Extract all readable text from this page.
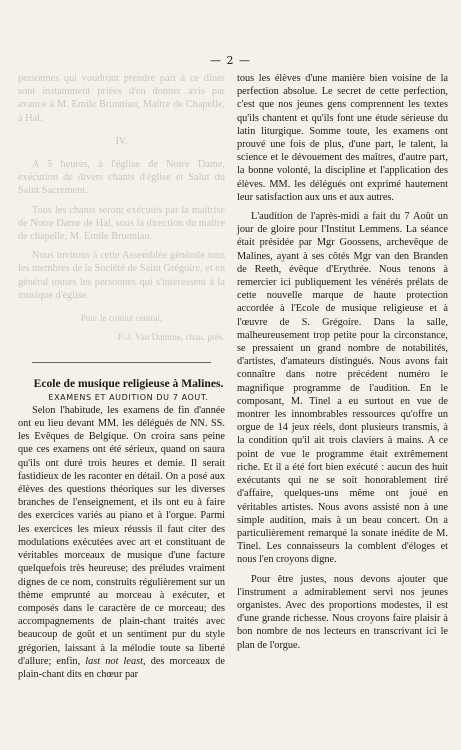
— 2 —

personnes qui voudront prendre part à ce dîner sont instamment priées d'en donner avis par avance à M. Emile Brunniau, Maître de Chapelle, à Hal.

IV.

A 5 heures, à l'église de Notre Dame, exécution de divers chants d'église et Salut du Saint Sacrement.

Tous les chants seront exécutés par la maîtrise de Notre Dame de Hal, sous la direction du maître de chapelle, M. Emile Brunniau.

Nous invitons à cette Assemblée générale tous les membres de la Société de Saint Grégoire, et en général toutes les personnes qui s'intéressent à la musique d'église.

Pour le comité central,

P.-J. Van Damme, chan. prés.

Ecole de musique religieuse à Malines.

EXAMENS ET AUDITION DU 7 AOUT.

Selon l'habitude, les examens de fin d'année ont eu lieu devant MM. les délégués de NN. SS. les Evêques de Belgique. On croira sans peine que ces examens ont été sérieux, quand on saura qu'ils ont duré trois heures et demie. Il serait fastidieux de les raconter en détail. On a posé aux élèves des questions théoriques sur les diverses branches de l'enseignement, et ils ont eu à faire des exercices variés au piano et à l'orgue. Parmi les exercices les mieux réussis il faut citer des modulations exécutées avec art et constituant de véritables morceaux de musique d'une facture quelquefois très heureuse; des préludes vraiment dignes de ce nom, construits régulièrement sur un thème emprunté au morceau à exécuter, et composés dans le caractère de ce morceau; des accompagnements de plain-chant traités avec beaucoup de goût et un sentiment pur du style grégorien, laissant à la mélodie toute sa liberté d'allure; enfin, last not least, des morceaux de plain-chant dits en chœur par

tous les élèves d'une manière bien voisine de la perfection absolue. Le secret de cette perfection, c'est que nos jeunes gens comprennent les textes qu'ils chantent et qu'ils font une étude sérieuse du latin liturgique. Somme toute, les examens ont prouvé une fois de plus, d'une part, le talent, la science et le dévouement des maîtres, d'autre part, la bonne volonté, la discipline et l'application des élèves. MM. les délégués ont exprimé hautement leur satisfaction aux uns et aux autres.

L'audition de l'après-midi a fait du 7 Août un jour de gloire pour l'Institut Lemmens. La séance était présidée par Mgr Goossens, archevêque de Malines, ayant à ses côtés Mgr van den Branden de Reeth, évêque d'Erythrée. Nous tenons à remercier ici publiquement les vénérés prélats de cette nouvelle marque de haute protection accordée à l'Ecole de musique religieuse et à l'œuvre de S. Grégoire. Dans la salle, malheureusement trop petite pour la circonstance, se pressaient un grand nombre de notabilités, d'artistes, d'amateurs distingués. Nous avons fait connaître dans notre précédent numéro le magnifique programme de l'audition. En le composant, M. Tinel a eu surtout en vue de montrer les innombrables ressources qu'offre un orgue de 14 jeux réels, dont plusieurs transmis, à la condition qu'il ait trois claviers à mains. A ce point de vue le programme était extrêmement riche. Et il a été fort bien exécuté : aucun des huit exécutants qui ne se soit honorablement tiré d'affaire, quelques-uns même ont joué en véritables artistes. Nous avons assisté non à une simple audition, mais à un beau concert. On a particulièrement remarqué la sonate inédite de M. Tinel. Les connaisseurs la comblent d'éloges et nous l'en croyons digne.

Pour être justes, nous devons ajouter que l'instrument a admirablement servi nos jeunes organistes. Avec des proportions modestes, il est d'une grande richesse. Nous croyons faire plaisir à bon nombre de nos lecteurs en transcrivant ici le plan de l'orgue.
